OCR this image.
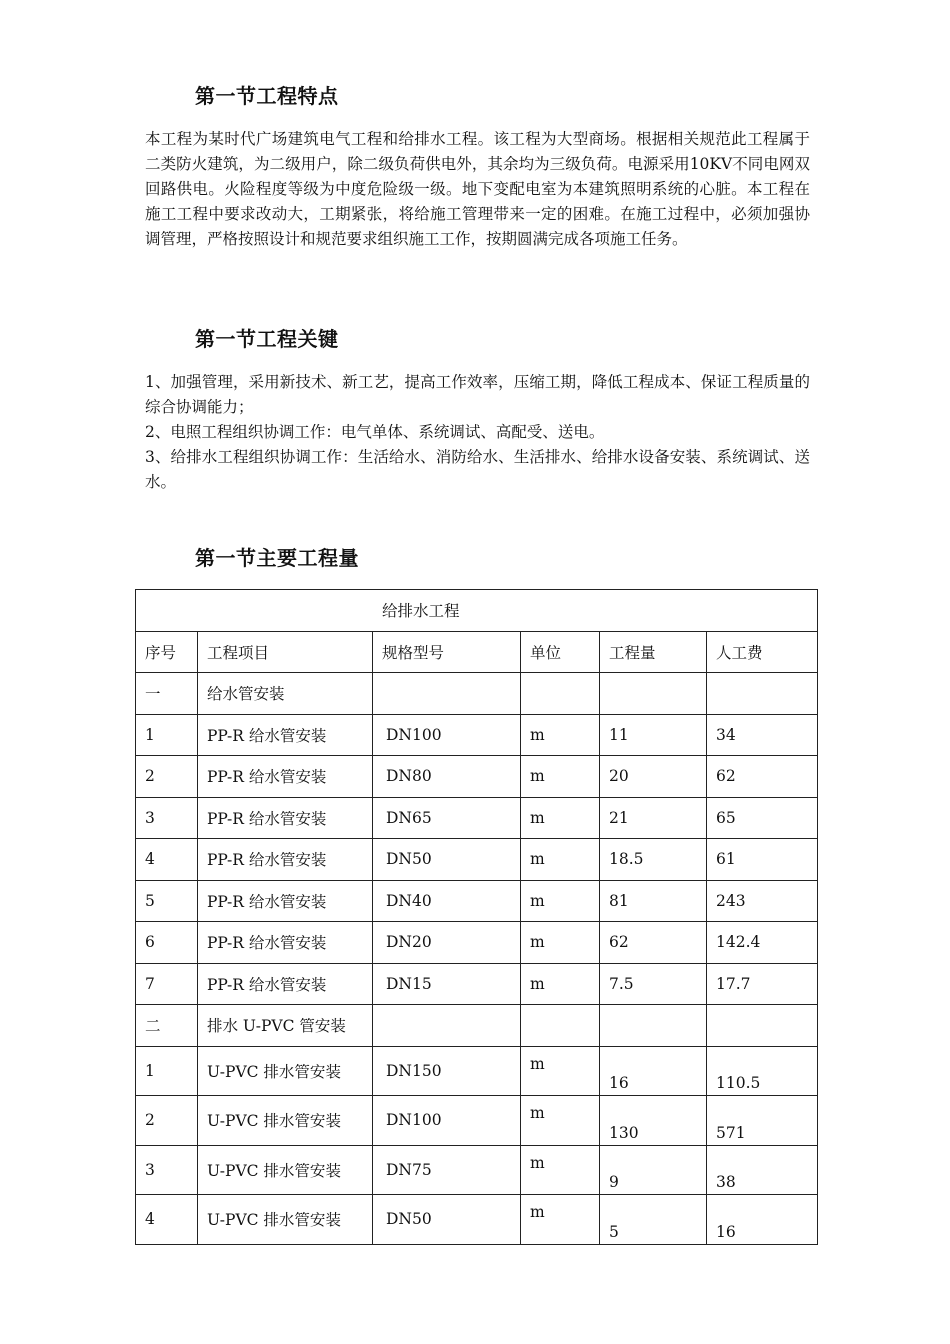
第一节工程特点

本工程为某时代广场建筑电气工程和给排水工程。该工程为大型商场。根据相关规范此工程属于二类防火建筑，为二级用户，除二级负荷供电外，其余均为三级负荷。电源采用10KV不同电网双回路供电。火险程度等级为中度危险级一级。地下变配电室为本建筑照明系统的心脏。本工程在施工工程中要求改动大，工期紧张，将给施工管理带来一定的困难。在施工过程中，必须加强协调管理，严格按照设计和规范要求组织施工工作，按期圆满完成各项施工任务。

第一节工程关键

1、加强管理，采用新技术、新工艺，提高工作效率，压缩工期，降低工程成本、保证工程质量的综合协调能力；

2、电照工程组织协调工作：电气单体、系统调试、高配受、送电。

3、给排水工程组织协调工作：生活给水、消防给水、生活排水、给排水设备安装、系统调试、送水。

第一节主要工程量
给排水工程					
序号	工程项目	规格型号	单位	工程量	人工费
一	给水管安装				
1	PP-R 给水管安装	DN100	m	11	34
2	PP-R 给水管安装	DN80	m	20	62
3	PP-R 给水管安装	DN65	m	21	65
4	PP-R 给水管安装	DN50	m	18.5	61
5	PP-R 给水管安装	DN40	m	81	243
6	PP-R 给水管安装	DN20	m	62	142.4
7	PP-R 给水管安装	DN15	m	7.5	17.7
二	排水 U-PVC 管安装				
1	U-PVC 排水管安装	DN150	m	16	110.5
2	U-PVC 排水管安装	DN100	m	130	571
3	U-PVC 排水管安装	DN75	m	9	38
4	U-PVC 排水管安装	DN50	m	5	16
